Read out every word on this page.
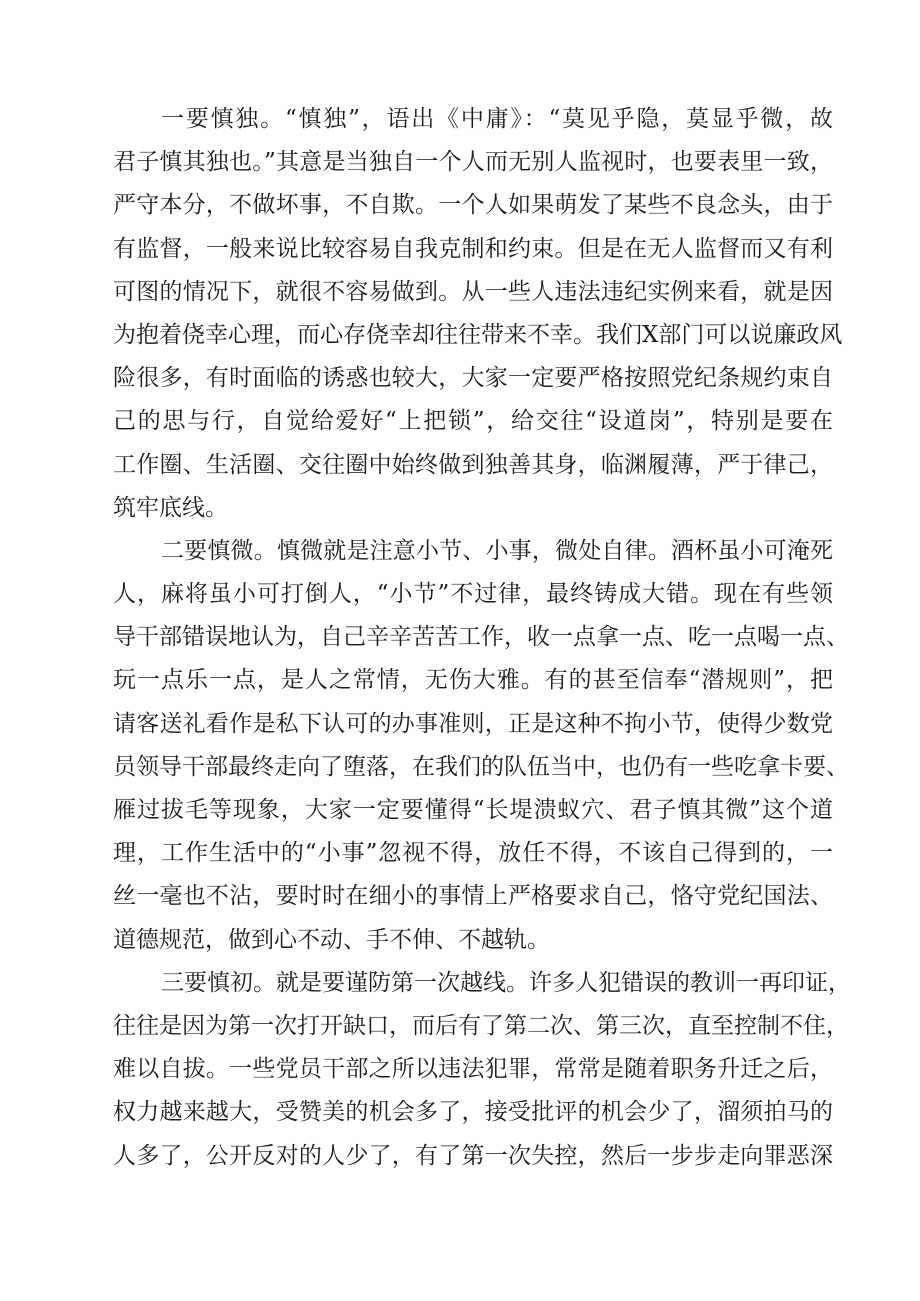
一要慎独。“慎独”，语出《中庸》：“莫见乎隐，莫显乎微，故
君子慎其独也。”其意是当独自一个人而无别人监视时，也要表里一致，
严守本分，不做坏事，不自欺。一个人如果萌发了某些不良念头，由于
有监督，一般来说比较容易自我克制和约束。但是在无人监督而又有利
可图的情况下，就很不容易做到。从一些人违法违纪实例来看，就是因
为抱着侥幸心理，而心存侥幸却往往带来不幸。我们X部门可以说廉政风
险很多，有时面临的诱惑也较大，大家一定要严格按照党纪条规约束自
己的思与行，自觉给爱好“上把锁”，给交往“设道岗”，特别是要在
工作圈、生活圈、交往圈中始终做到独善其身，临渊履薄，严于律己，
筑牢底线。
二要慎微。慎微就是注意小节、小事，微处自律。酒杯虽小可淹死
人，麻将虽小可打倒人，“小节”不过律，最终铸成大错。现在有些领
导干部错误地认为，自己辛辛苦苦工作，收一点拿一点、吃一点喝一点、
玩一点乐一点，是人之常情，无伤大雅。有的甚至信奉“潜规则”，把
请客送礼看作是私下认可的办事准则，正是这种不拘小节，使得少数党
员领导干部最终走向了堕落，在我们的队伍当中，也仍有一些吃拿卡要、
雁过拔毛等现象，大家一定要懂得“长堤溃蚁穴、君子慎其微”这个道
理，工作生活中的“小事”忽视不得，放任不得，不该自己得到的，一
丝一毫也不沾，要时时在细小的事情上严格要求自己，恪守党纪国法、
道德规范，做到心不动、手不伸、不越轨。
三要慎初。就是要谨防第一次越线。许多人犯错误的教训一再印证，
往往是因为第一次打开缺口，而后有了第二次、第三次，直至控制不住，
难以自拔。一些党员干部之所以违法犯罪，常常是随着职务升迁之后，
权力越来越大，受赞美的机会多了，接受批评的机会少了，溜须拍马的
人多了，公开反对的人少了，有了第一次失控，然后一步步走向罪恶深
